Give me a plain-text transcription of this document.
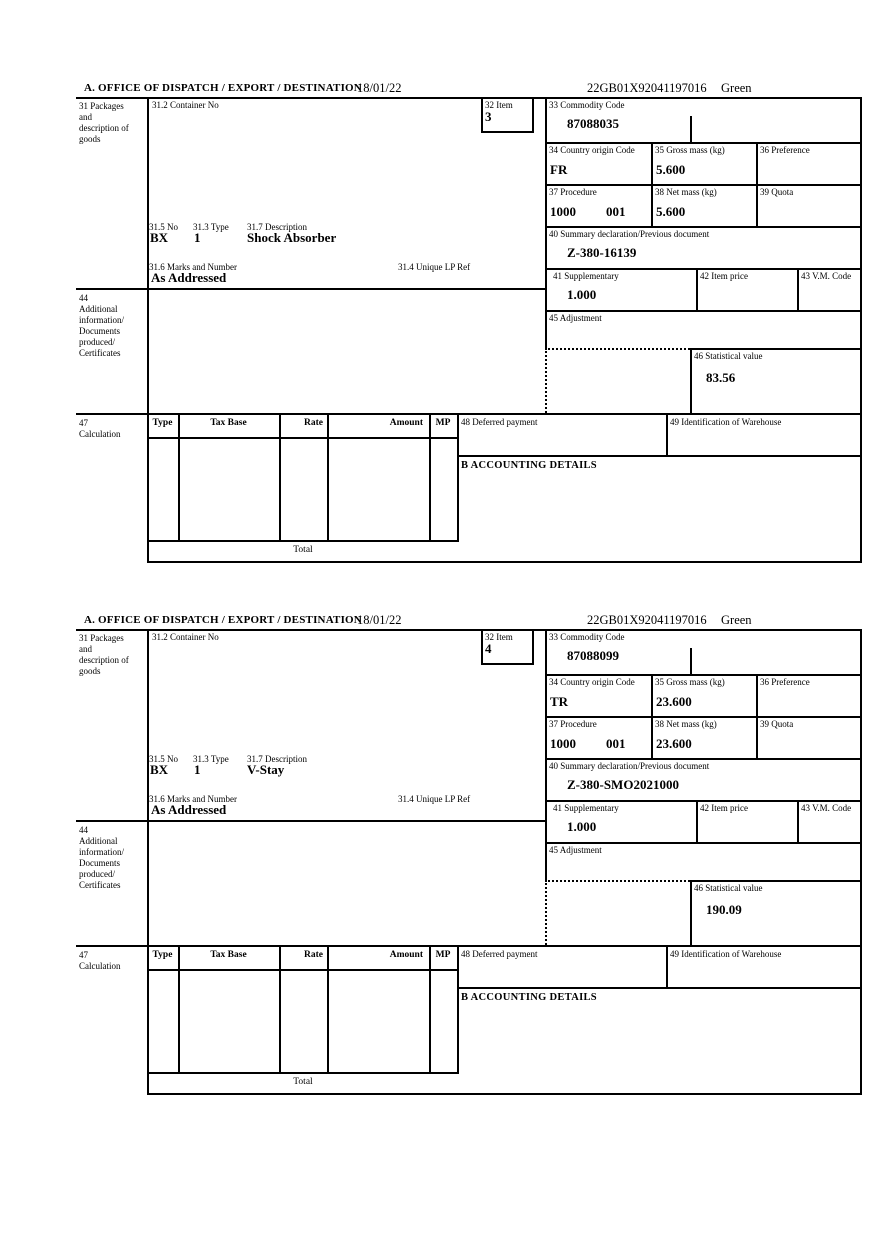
A. OFFICE OF DISPATCH / EXPORT / DESTINATION
18/01/22	22GB01X92041197016 Green
31 Packages and description of goods
44
Additional information/ Documents produced/ Certificates
47
Calculation
31.2 Container No	32 Item
3
33 Commodity Code
87088035
34 Country origin Code
FR
35 Gross mass (kg)
5.600
36 Preference
37 Procedure
1000 001
38 Net mass (kg)
5.600
39 Quota
40 Summary declaration/Previous document
Z-380-16139
41 Supplementary
1.000
42 Item price	43 V.M. Code
45 Adjustment
46 Statistical value
83.56
31.5 No 31.3 Type 31.7 Description
BX 1	Shock Absorber
31.6 Marks and Number	31.4 Unique LP Ref
As Addressed
Type	Tax Base	Rate	Amount	MP
Total
48 Deferred payment	49 Identification of Warehouse
B ACCOUNTING DETAILS
A. OFFICE OF DISPATCH / EXPORT / DESTINATION
18/01/22	22GB01X92041197016 Green
31 Packages and description of goods
44
Additional information/ Documents produced/ Certificates
47
Calculation
31.2 Container No	32 Item
4
33 Commodity Code
87088099
34 Country origin Code
TR
35 Gross mass (kg)
23.600
36 Preference
37 Procedure
1000 001
38 Net mass (kg)
23.600
39 Quota
40 Summary declaration/Previous document
Z-380-SMO2021000
41 Supplementary
1.000
42 Item price	43 V.M. Code
45 Adjustment
46 Statistical value
190.09
31.5 No 31.3 Type 31.7 Description
BX 1	V-Stay
31.6 Marks and Number	31.4 Unique LP Ref
As Addressed
Type	Tax Base	Rate	Amount	MP
Total
48 Deferred payment	49 Identification of Warehouse
B ACCOUNTING DETAILS
